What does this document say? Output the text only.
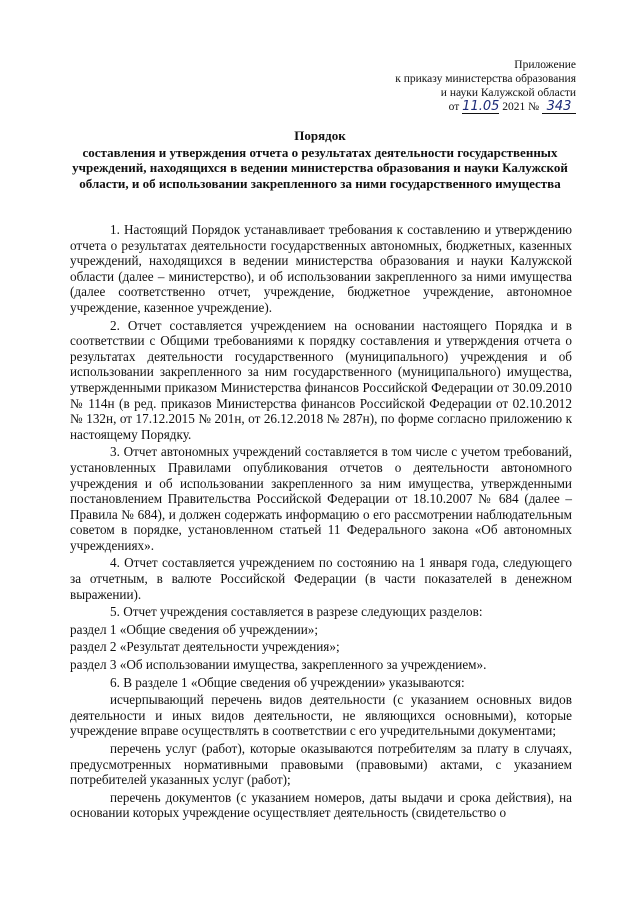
Приложение
к приказу министерства образования
и науки Калужской области
от 11.05 2021 № 343
Порядок
составления и утверждения отчета о результатах деятельности государственных учреждений, находящихся в ведении министерства образования и науки Калужской области, и об использовании закрепленного за ними государственного имущества

1. Настоящий Порядок устанавливает требования к составлению и утверждению отчета о результатах деятельности государственных автономных, бюджетных, казенных учреждений, находящихся в ведении министерства образования и науки Калужской области (далее – министерство), и об использовании закрепленного за ними имущества (далее соответственно отчет, учреждение, бюджетное учреждение, автономное учреждение, казенное учреждение).

2. Отчет составляется учреждением на основании настоящего Порядка и в соответствии с Общими требованиями к порядку составления и утверждения отчета о результатах деятельности государственного (муниципального) учреждения и об использовании закрепленного за ним государственного (муниципального) имущества, утвержденными приказом Министерства финансов Российской Федерации от 30.09.2010 № 114н (в ред. приказов Министерства финансов Российской Федерации от 02.10.2012 № 132н, от 17.12.2015 № 201н, от 26.12.2018 № 287н), по форме согласно приложению к настоящему Порядку.

3. Отчет автономных учреждений составляется в том числе с учетом требований, установленных Правилами опубликования отчетов о деятельности автономного учреждения и об использовании закрепленного за ним имущества, утвержденными постановлением Правительства Российской Федерации от 18.10.2007 № 684 (далее – Правила № 684), и должен содержать информацию о его рассмотрении наблюдательным советом в порядке, установленном статьей 11 Федерального закона «Об автономных учреждениях».

4. Отчет составляется учреждением по состоянию на 1 января года, следующего за отчетным, в валюте Российской Федерации (в части показателей в денежном выражении).

5. Отчет учреждения составляется в разрезе следующих разделов:

раздел 1 «Общие сведения об учреждении»;

раздел 2 «Результат деятельности учреждения»;

раздел 3 «Об использовании имущества, закрепленного за учреждением».

6. В разделе 1 «Общие сведения об учреждении» указываются:

исчерпывающий перечень видов деятельности (с указанием основных видов деятельности и иных видов деятельности, не являющихся основными), которые учреждение вправе осуществлять в соответствии с его учредительными документами;

перечень услуг (работ), которые оказываются потребителям за плату в случаях, предусмотренных нормативными правовыми (правовыми) актами, с указанием потребителей указанных услуг (работ);

перечень документов (с указанием номеров, даты выдачи и срока действия), на основании которых учреждение осуществляет деятельность (свидетельство о
